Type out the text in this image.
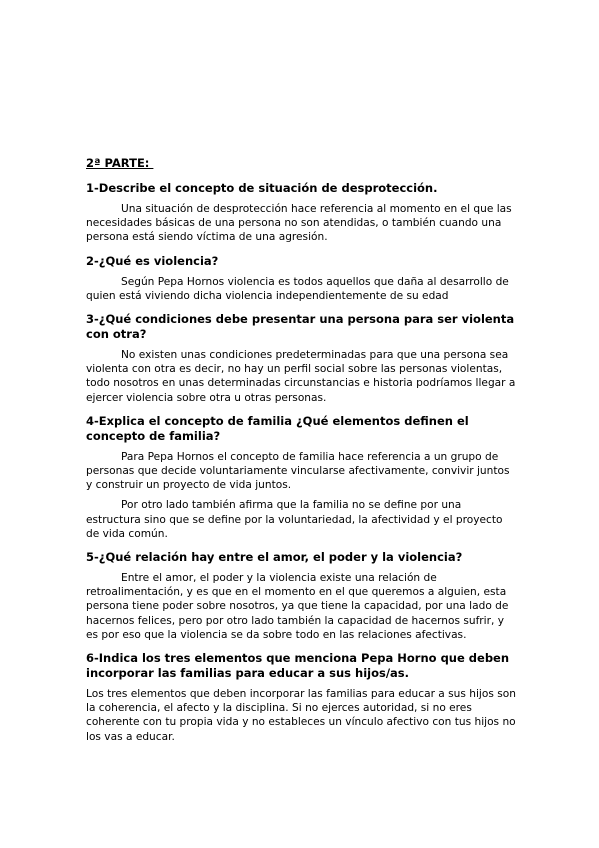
2ª PARTE:
1-Describe el concepto de situación de desprotección.

Una situación de desprotección hace referencia al momento en el que las necesidades básicas de una persona no son atendidas, o también cuando una persona está siendo víctima de una agresión.

2-¿Qué es violencia?

Según Pepa Hornos violencia es todos aquellos que daña al desarrollo de quien está viviendo dicha violencia independientemente de su edad

3-¿Qué condiciones debe presentar una persona para ser violenta con otra?

No existen unas condiciones predeterminadas para que una persona sea violenta con otra es decir, no hay un perfil social sobre las personas violentas, todo nosotros en unas determinadas circunstancias e historia podríamos llegar a ejercer violencia sobre otra u otras personas.

4-Explica el concepto de familia ¿Qué elementos definen el concepto de familia?

Para Pepa Hornos el concepto de familia hace referencia a un grupo de personas que decide voluntariamente vincularse afectivamente, convivir juntos y construir un proyecto de vida juntos.

Por otro lado también afirma que la familia no se define por una estructura sino que se define por la voluntariedad, la afectividad y el proyecto de vida común.

5-¿Qué relación hay entre el amor, el poder y la violencia?

Entre el amor, el poder y la violencia existe una relación de retroalimentación, y es que en el momento en el que queremos a alguien, esta persona tiene poder sobre nosotros, ya que tiene la capacidad, por una lado de hacernos felices, pero por otro lado también la capacidad de hacernos sufrir, y es por eso que la violencia se da sobre todo en las relaciones afectivas.

6-Indica los tres elementos que menciona Pepa Horno que deben incorporar las familias para educar a sus hijos/as.

Los tres elementos que deben incorporar las familias para educar a sus hijos son la coherencia, el afecto y la disciplina. Si no ejerces autoridad, si no eres coherente con tu propia vida y no estableces un vínculo afectivo con tus hijos no los vas a educar.
